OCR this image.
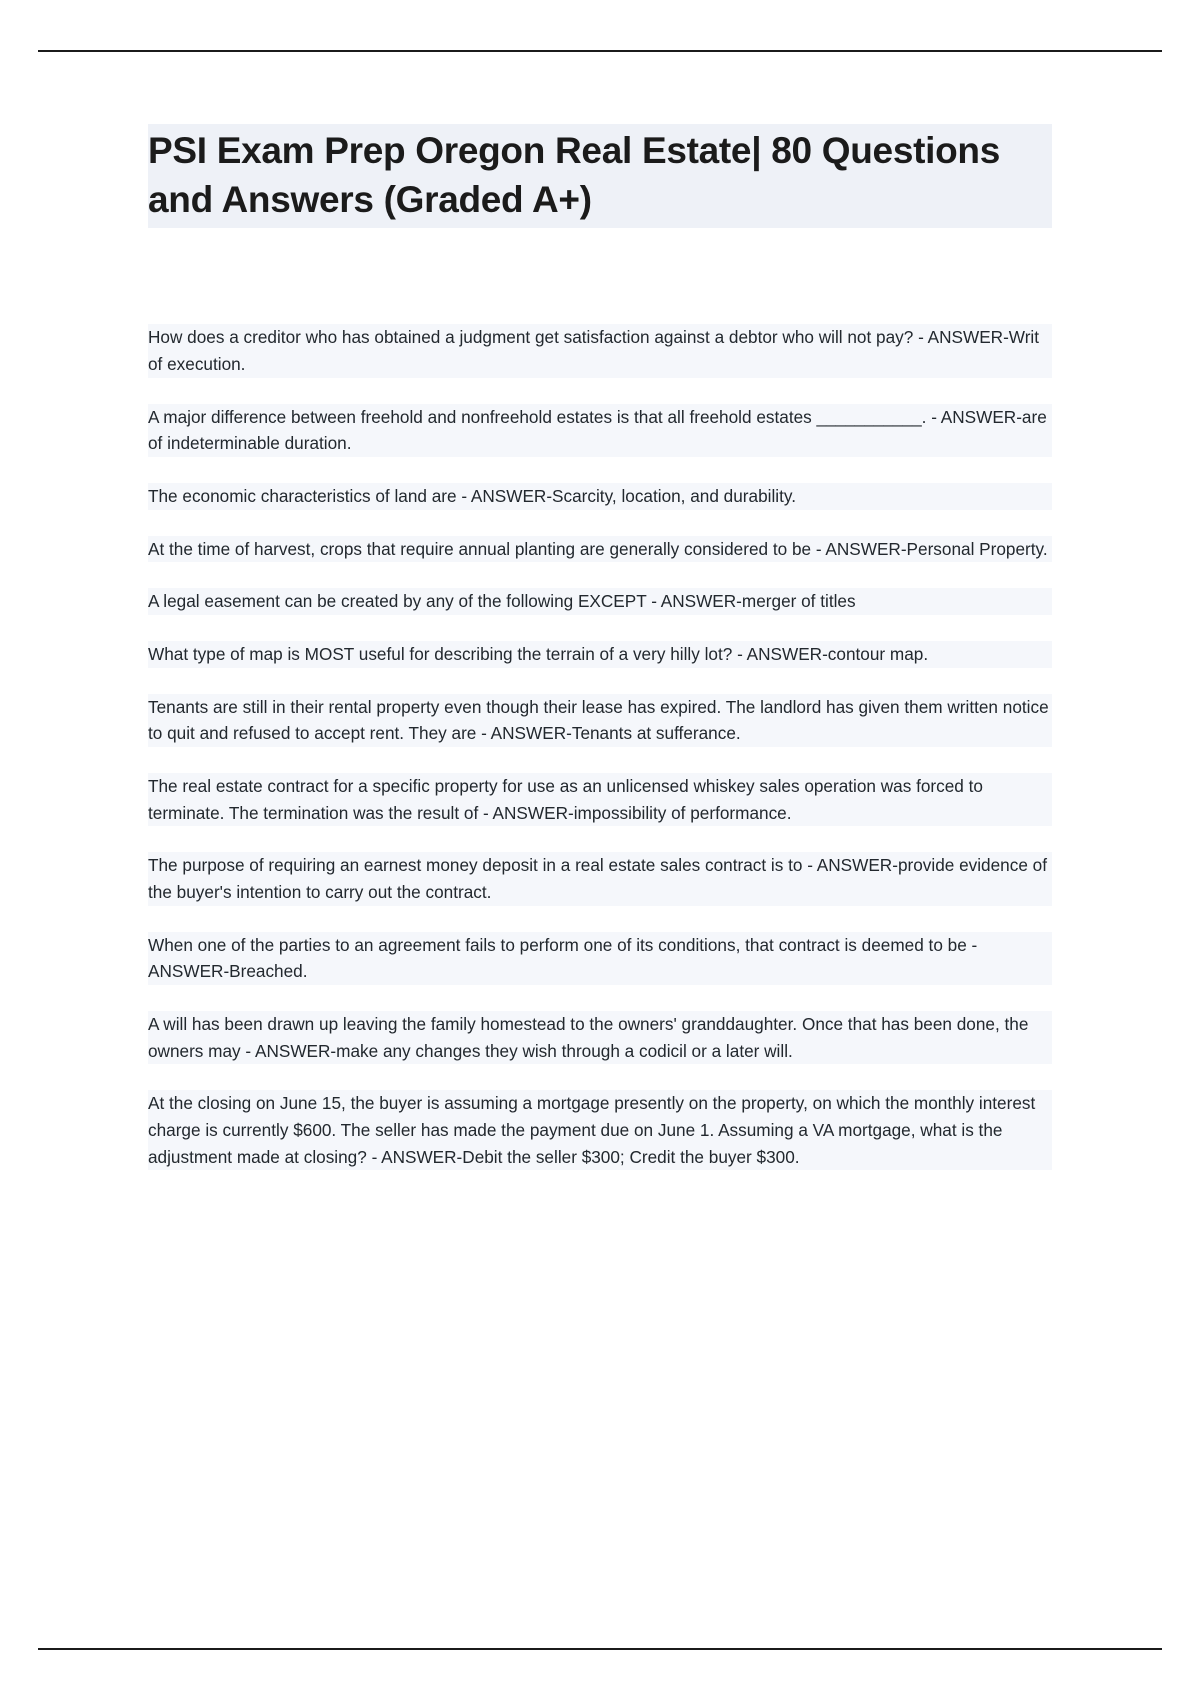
PSI Exam Prep Oregon Real Estate| 80 Questions and Answers (Graded A+)

How does a creditor who has obtained a judgment get satisfaction against a debtor who will not pay? - ANSWER-Writ of execution.

A major difference between freehold and nonfreehold estates is that all freehold estates ___________. - ANSWER-are of indeterminable duration.

The economic characteristics of land are - ANSWER-Scarcity, location, and durability.

At the time of harvest, crops that require annual planting are generally considered to be - ANSWER-Personal Property.

A legal easement can be created by any of the following EXCEPT - ANSWER-merger of titles

What type of map is MOST useful for describing the terrain of a very hilly lot? - ANSWER-contour map.

Tenants are still in their rental property even though their lease has expired. The landlord has given them written notice to quit and refused to accept rent. They are - ANSWER-Tenants at sufferance.

The real estate contract for a specific property for use as an unlicensed whiskey sales operation was forced to terminate. The termination was the result of - ANSWER-impossibility of performance.

The purpose of requiring an earnest money deposit in a real estate sales contract is to - ANSWER-provide evidence of the buyer's intention to carry out the contract.

When one of the parties to an agreement fails to perform one of its conditions, that contract is deemed to be - ANSWER-Breached.

A will has been drawn up leaving the family homestead to the owners' granddaughter. Once that has been done, the owners may - ANSWER-make any changes they wish through a codicil or a later will.

At the closing on June 15, the buyer is assuming a mortgage presently on the property, on which the monthly interest charge is currently $600. The seller has made the payment due on June 1. Assuming a VA mortgage, what is the adjustment made at closing? - ANSWER-Debit the seller $300; Credit the buyer $300.
